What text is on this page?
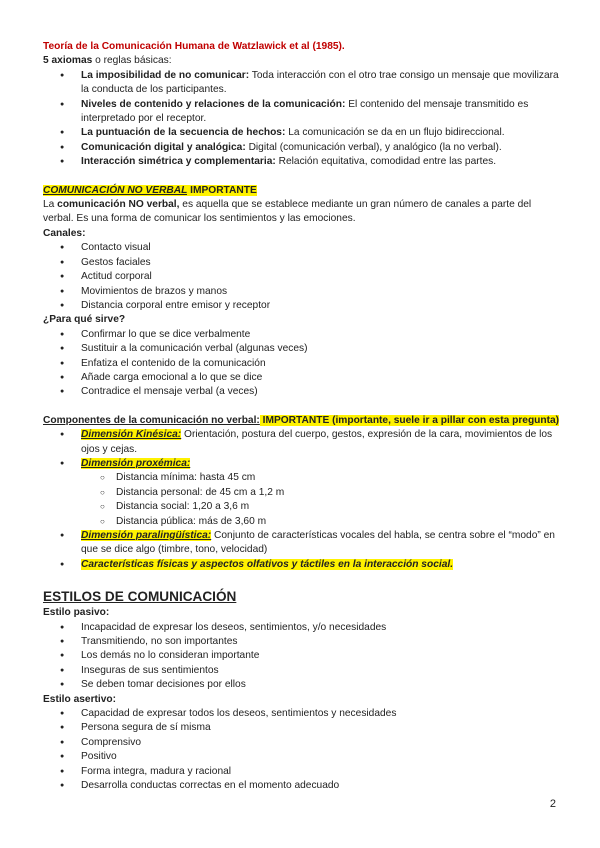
Teoría de la Comunicación Humana de Watzlawick et al (1985).
5 axiomas o reglas básicas:
● La imposibilidad de no comunicar: Toda interacción con el otro trae consigo un mensaje que movilizara la conducta de los participantes.
● Niveles de contenido y relaciones de la comunicación: El contenido del mensaje transmitido es interpretado por el receptor.
● La puntuación de la secuencia de hechos: La comunicación se da en un flujo bidireccional.
● Comunicación digital y analógica: Digital (comunicación verbal), y analógico (la no verbal).
● Interacción simétrica y complementaria: Relación equitativa, comodidad entre las partes.
COMUNICACIÓN NO VERBAL IMPORTANTE
La comunicación NO verbal, es aquella que se establece mediante un gran número de canales a parte del verbal. Es una forma de comunicar los sentimientos y las emociones.
Canales:
● Contacto visual
● Gestos faciales
● Actitud corporal
● Movimientos de brazos y manos
● Distancia corporal entre emisor y receptor
¿Para qué sirve?
● Confirmar lo que se dice verbalmente
● Sustituir a la comunicación verbal (algunas veces)
● Enfatiza el contenido de la comunicación
● Añade carga emocional a lo que se dice
● Contradice el mensaje verbal (a veces)
Componentes de la comunicación no verbal: IMPORTANTE (importante, suele ir a pillar con esta pregunta)
● Dimensión Kinésica: Orientación, postura del cuerpo, gestos, expresión de la cara, movimientos de los ojos y cejas.
● Dimensión proxémica:
○ Distancia mínima: hasta 45 cm
○ Distancia personal: de 45 cm a 1,2 m
○ Distancia social: 1,20 a 3,6 m
○ Distancia pública: más de 3,60 m
● Dimensión paralingüística: Conjunto de características vocales del habla, se centra sobre el “modo” en que se dice algo (timbre, tono, velocidad)
● Características físicas y aspectos olfativos y táctiles en la interacción social.
ESTILOS DE COMUNICACIÓN
Estilo pasivo:
● Incapacidad de expresar los deseos, sentimientos, y/o necesidades
● Transmitiendo, no son importantes
● Los demás no lo consideran importante
● Inseguras de sus sentimientos
● Se deben tomar decisiones por ellos
Estilo asertivo:
● Capacidad de expresar todos los deseos, sentimientos y necesidades
● Persona segura de sí misma
● Comprensivo
● Positivo
● Forma integra, madura y racional
● Desarrolla conductas correctas en el momento adecuado
2
